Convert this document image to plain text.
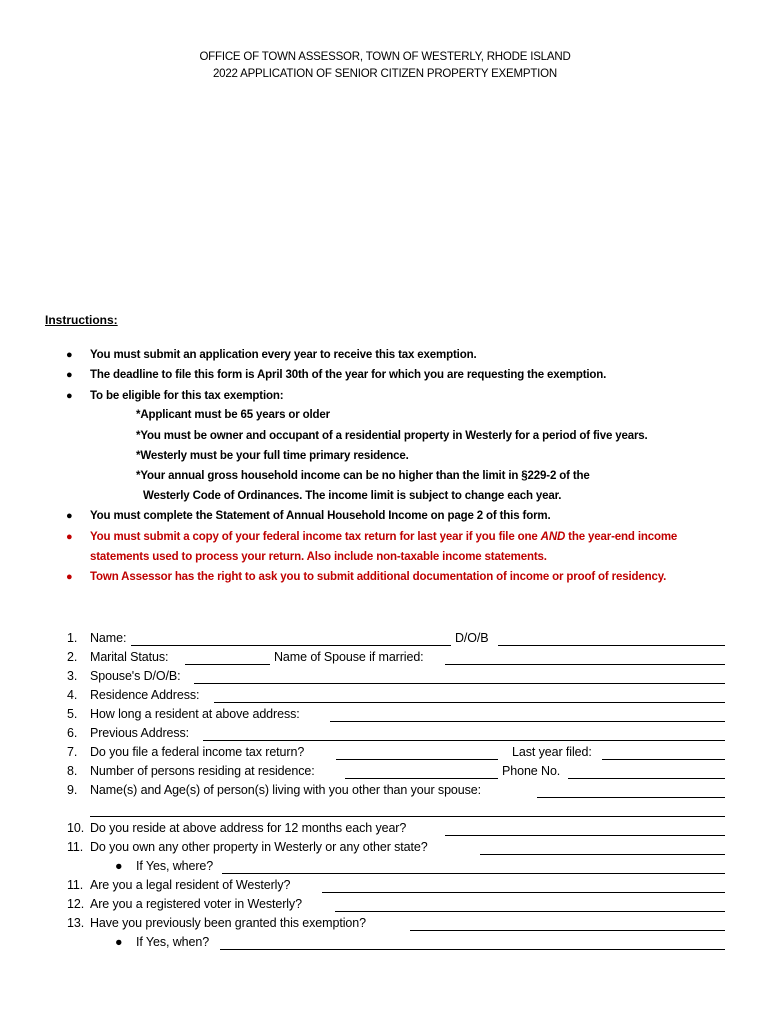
OFFICE OF TOWN ASSESSOR, TOWN OF WESTERLY, RHODE ISLAND
2022 APPLICATION OF SENIOR CITIZEN PROPERTY EXEMPTION
Instructions:
● You must submit an application every year to receive this tax exemption.
● The deadline to file this form is April 30th of the year for which you are requesting the exemption.
● To be eligible for this tax exemption:
*Applicant must be 65 years or older
*You must be owner and occupant of a residential property in Westerly for a period of five years.
*Westerly must be your full time primary residence.
*Your annual gross household income can be no higher than the limit in §229-2 of the
Westerly Code of Ordinances. The income limit is subject to change each year.
● You must complete the Statement of Annual Household Income on page 2 of this form.
● You must submit a copy of your federal income tax return for last year if you file one AND the year-end income
statements used to process your return. Also include non-taxable income statements.
● Town Assessor has the right to ask you to submit additional documentation of income or proof of residency.
1. Name:	D/O/B
2. Marital Status:	Name of Spouse if married:
3. Spouse's D/O/B:
4. Residence Address:
5. How long a resident at above address:
6. Previous Address:
7. Do you file a federal income tax return?	Last year filed:
8. Number of persons residing at residence:	Phone No.
9. Name(s) and Age(s) of person(s) living with you other than your spouse:
10. Do you reside at above address for 12 months each year?
11. Do you own any other property in Westerly or any other state?
● If Yes, where?
11. Are you a legal resident of Westerly?
12. Are you a registered voter in Westerly?
13. Have you previously been granted this exemption?
● If Yes, when?
